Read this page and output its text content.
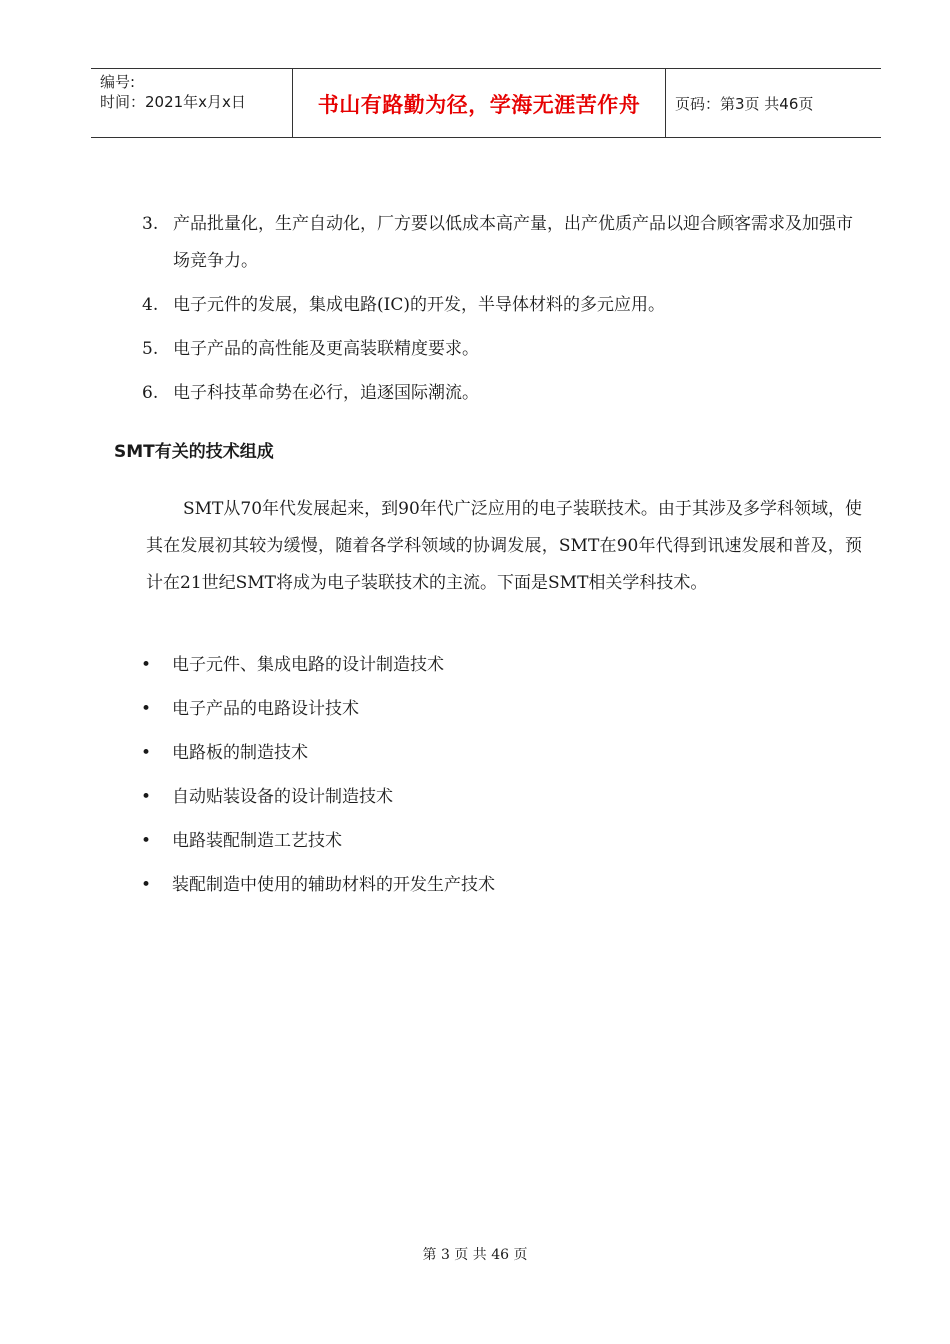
编号:
时间：2021年x月x日	书山有路勤为径，学海无涯苦作舟	页码：第3页 共46页
3. 产品批量化，生产自动化，厂方要以低成本高产量，出产优质产品以迎合顾客需求及加强市场竞争力。
4. 电子元件的发展，集成电路(IC)的开发，半导体材料的多元应用。
5. 电子产品的高性能及更高装联精度要求。
6. 电子科技革命势在必行，追逐国际潮流。
SMT有关的技术组成
SMT从70年代发展起来，到90年代广泛应用的电子装联技术。由于其涉及多学科领域，使其在发展初其较为缓慢，随着各学科领域的协调发展，SMT在90年代得到讯速发展和普及，预计在21世纪SMT将成为电子装联技术的主流。下面是SMT相关学科技术。
•	电子元件、集成电路的设计制造技术
•	电子产品的电路设计技术
•	电路板的制造技术
•	自动贴装设备的设计制造技术
•	电路装配制造工艺技术
•	装配制造中使用的辅助材料的开发生产技术
第 3 页 共 46 页
